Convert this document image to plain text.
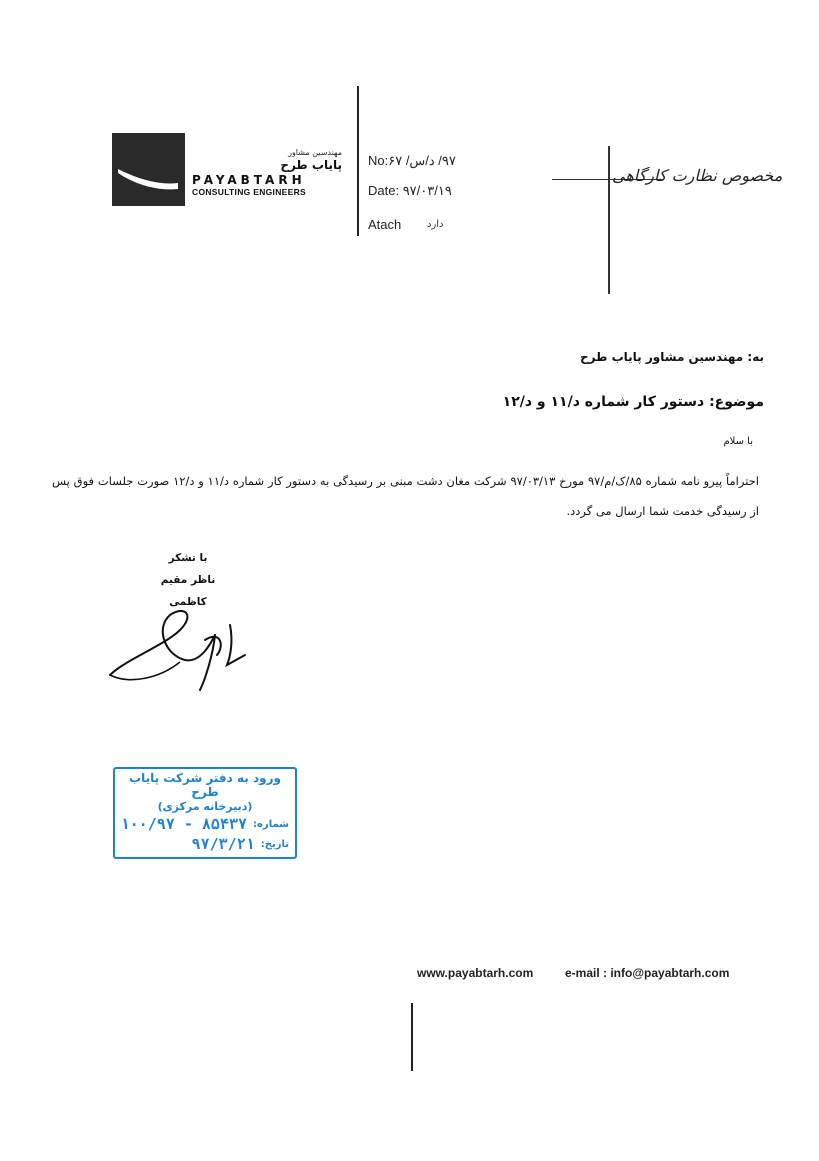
مهندسین مشاور
پایاب طرح
PAYABTARH
CONSULTING ENGINEERS
No:۹۷/ د/س/ ۶۷
Date: ۹۷/۰۳/۱۹
Atach	دارد
مخصوص نظارت کارگاهی
به: مهندسین مشاور پایاب طرح
موضوع: دستور کار شماره د/۱۱ و د/۱۲
با سلام
احتراماً پیرو نامه شماره ۸۵/ک/م/۹۷ مورخ ۹۷/۰۳/۱۳ شرکت مغان دشت مبنی بر رسیدگی به دستور کار شماره د/۱۱ و د/۱۲ صورت جلسات فوق پس از رسیدگی خدمت شما ارسال می گردد.
با تشکر
ناظر مقیم
کاظمی
ورود به دفتر شرکت پایاب طرح
(دبیرخانه مرکزی)
شماره:
۱۰۰/۹۷ - ۸۵۴۳۷
تاریخ:
۹۷/۳/۲۱
www.payabtarh.com	e-mail : info@payabtarh.com
